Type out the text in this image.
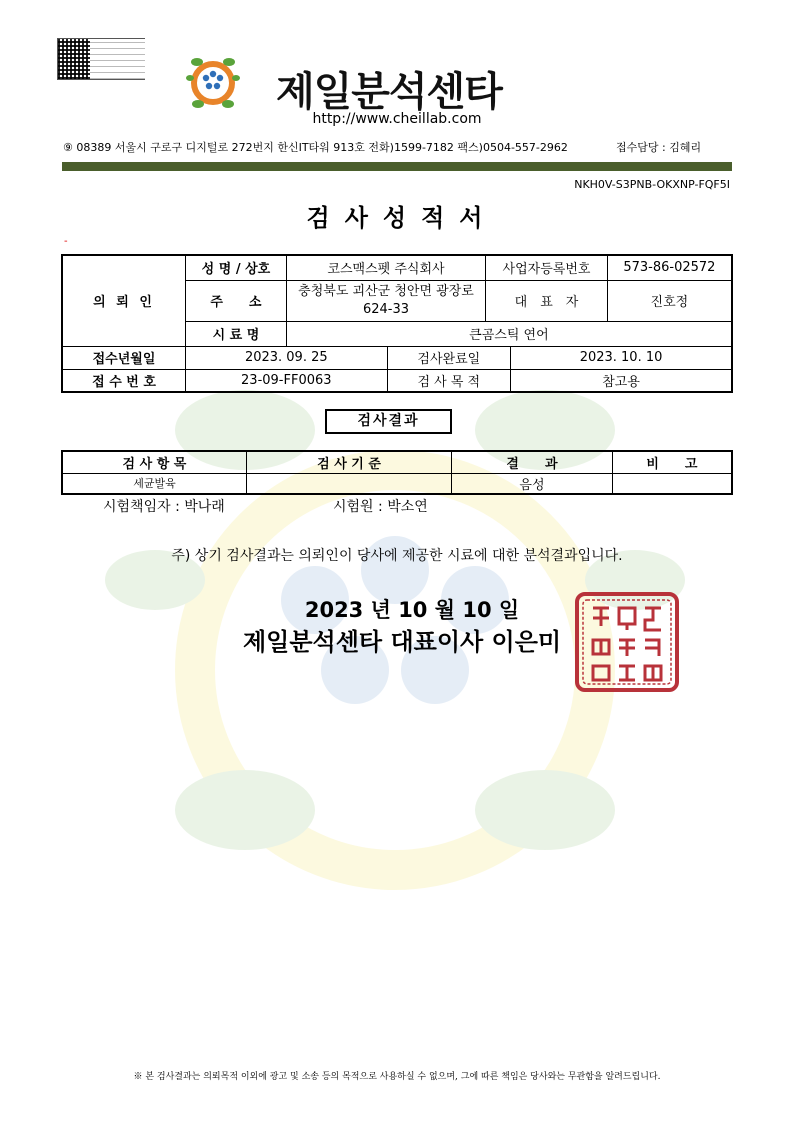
제일분석센타
http://www.cheillab.com
⑨ 08389 서울시 구로구 디지털로 272번지 한신IT타워 913호 전화)1599-7182 팩스)0504-557-2962	접수담당 : 김혜리
NKH0V-S3PNB-OKXNP-FQF5I
검사성적서
-
의 뢰 인	성 명 / 상호	코스맥스펫 주식회사		사업자등록번호		573-86-02572
	주　　소	충청북도 괴산군 청안면 광장로 624-33		대　표　자		진호정
	시 료 명	큰곰스틱 연어				
접수년월일	2023. 09. 25		검사완료일		2023. 10. 10	
접 수 번 호	23-09-FF0063		검 사 목 적		참고용	
검사결과
검 사 항 목	검 사 기 준	결　　과	비　　고
세균발육		음성	
시험책임자 : 박나래	시험원 : 박소연
주) 상기 검사결과는 의뢰인이 당사에 제공한 시료에 대한 분석결과입니다.
2023 년 10 월 10 일
제일분석센타 대표이사 이은미
※ 본 검사결과는 의뢰목적 이외에 광고 및 소송 등의 목적으로 사용하실 수 없으며, 그에 따른 책임은 당사와는 무관함을 알려드립니다.
